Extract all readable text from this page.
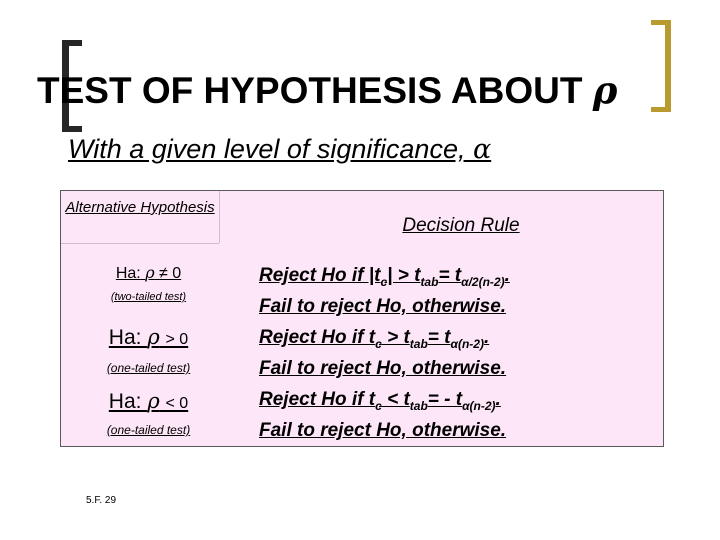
TEST OF HYPOTHESIS ABOUT ρ
With a given level of significance, α
Alternative Hypothesis
Decision Rule
Ha: ρ ≠ 0
(two-tailed test)
Reject Ho if $|t_c| > t_{tab}= t_{\alpha/2(n-2)}$.
Fail to reject Ho, otherwise.
Ha: ρ > 0
(one-tailed test)
Reject Ho if $t_c > t_{tab}= t_{\alpha(n-2)}$.
Fail to reject Ho, otherwise.
Ha: ρ < 0
(one-tailed test)
Reject Ho if $t_c < t_{tab}= - t_{\alpha(n-2)}$.
Fail to reject Ho, otherwise.
5.F. 29
